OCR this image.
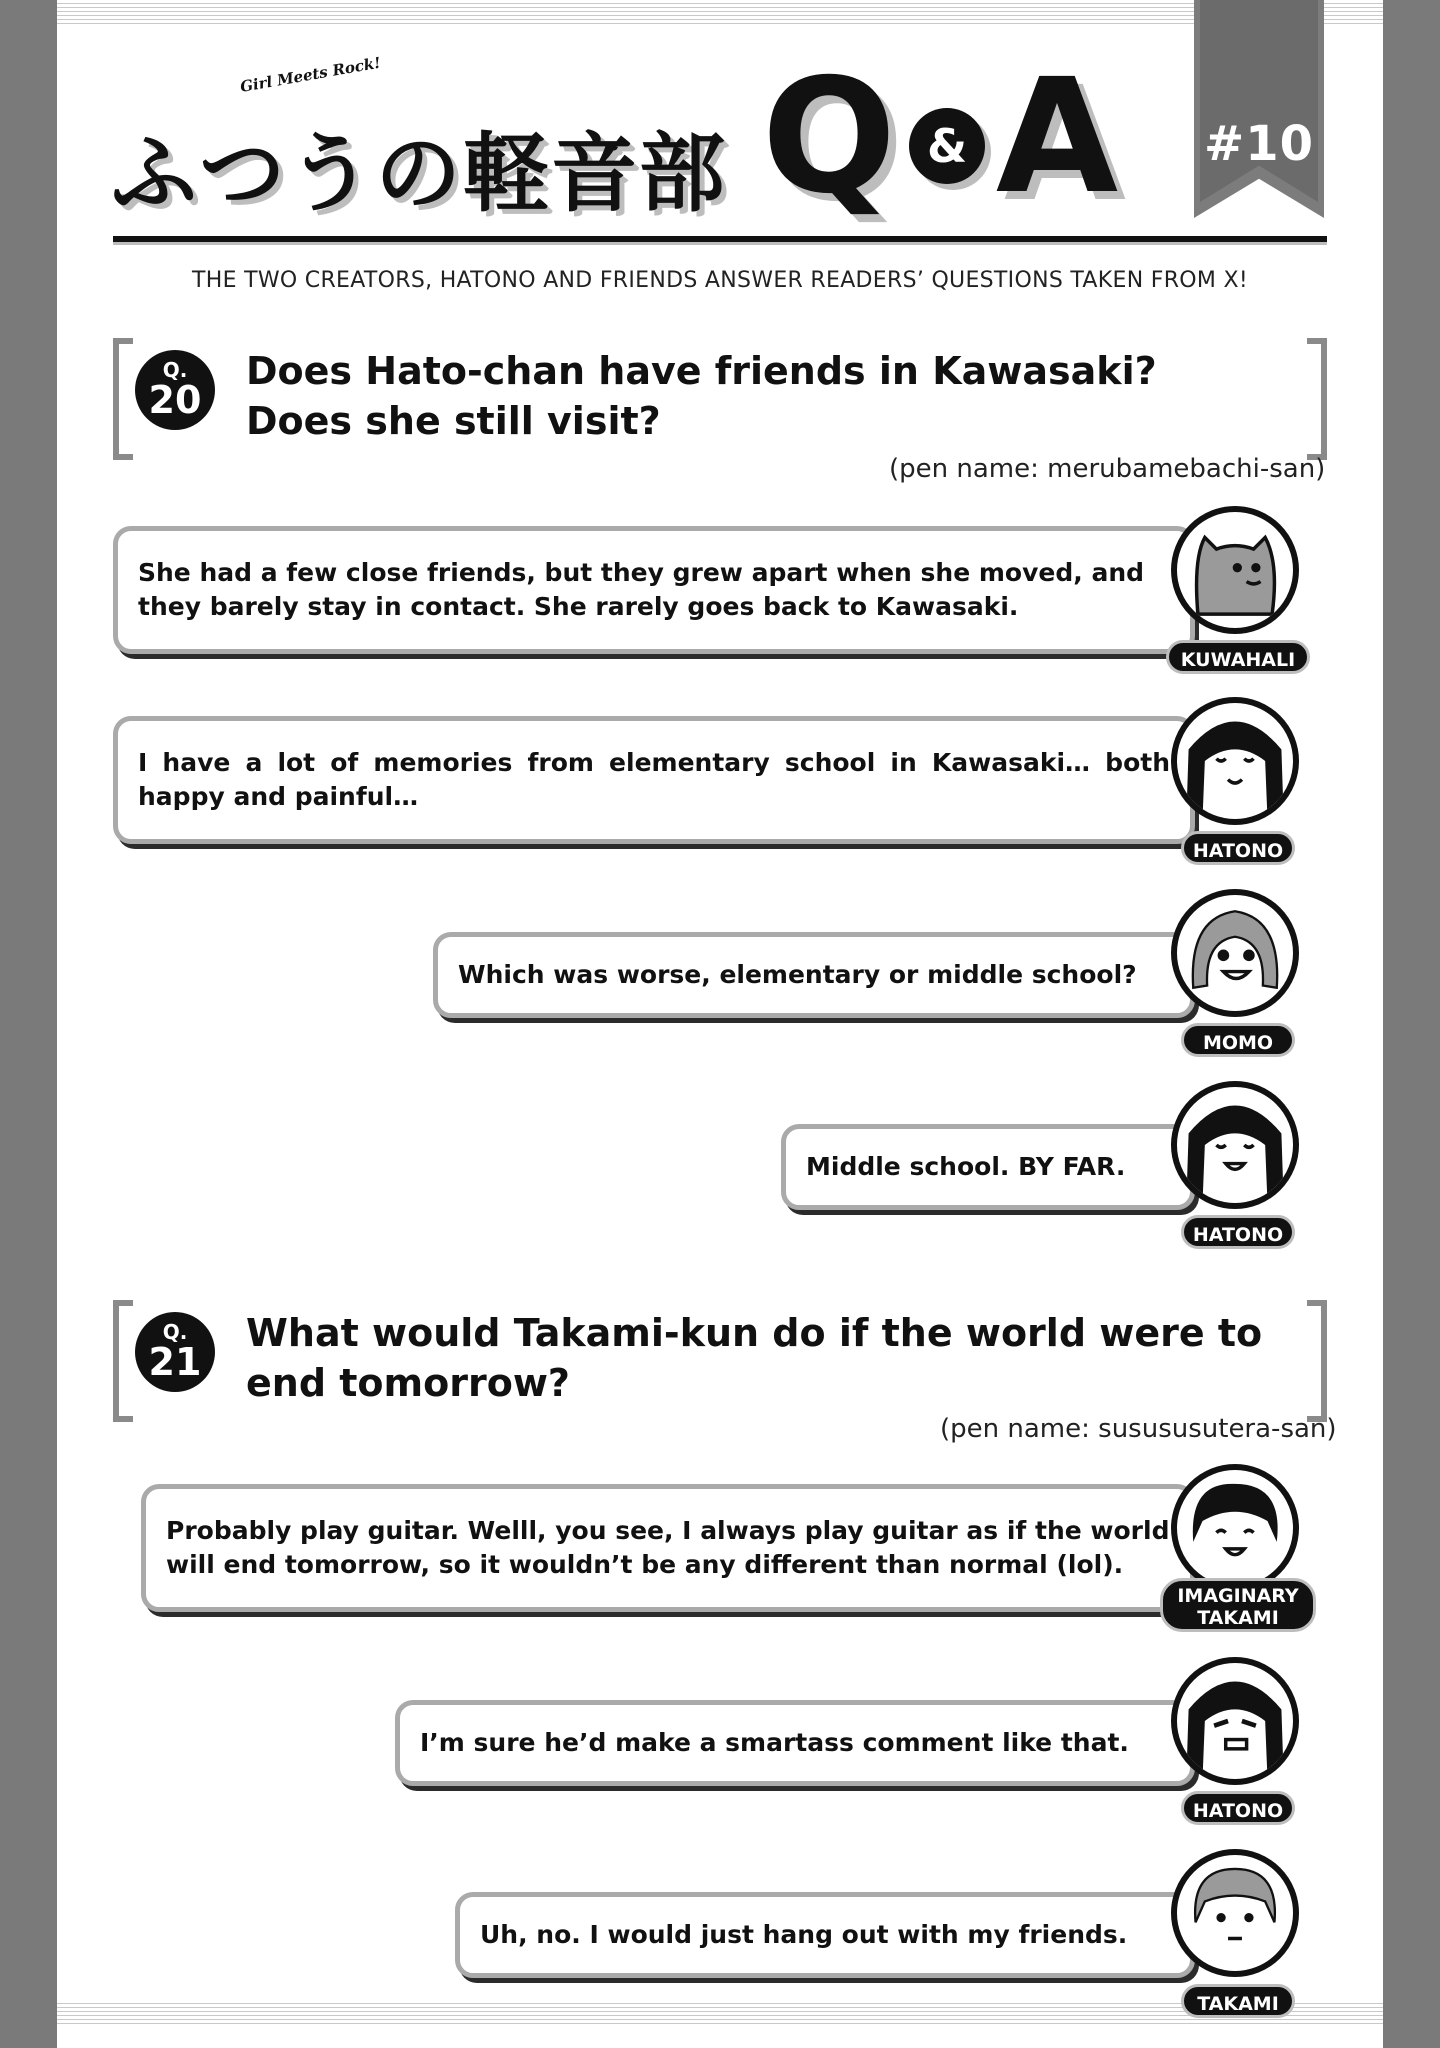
Girl Meets Rock!
ふつうの軽音部 Q & A #10
THE TWO CREATORS, HATONO AND FRIENDS ANSWER READERS’ QUESTIONS TAKEN FROM X!
Q.
20
Does Hato-chan have friends in Kawasaki? Does she still visit?
(pen name: merubamebachi-san)
She had a few close friends, but they grew apart when she moved, and they barely stay in contact. She rarely goes back to Kawasaki.
KUWAHALI
I have a lot of memories from elementary school in Kawasaki… both happy and painful…
HATONO
Which was worse, elementary or middle school?
MOMO
Middle school. BY FAR.
HATONO
Q.
21
What would Takami-kun do if the world were to end tomorrow?
(pen name: susususutera-san)
Probably play guitar. Welll, you see, I always play guitar as if the world will end tomorrow, so it wouldn’t be any different than normal (lol).
IMAGINARY
TAKAMI
I’m sure he’d make a smartass comment like that.
HATONO
Uh, no. I would just hang out with my friends.
TAKAMI
